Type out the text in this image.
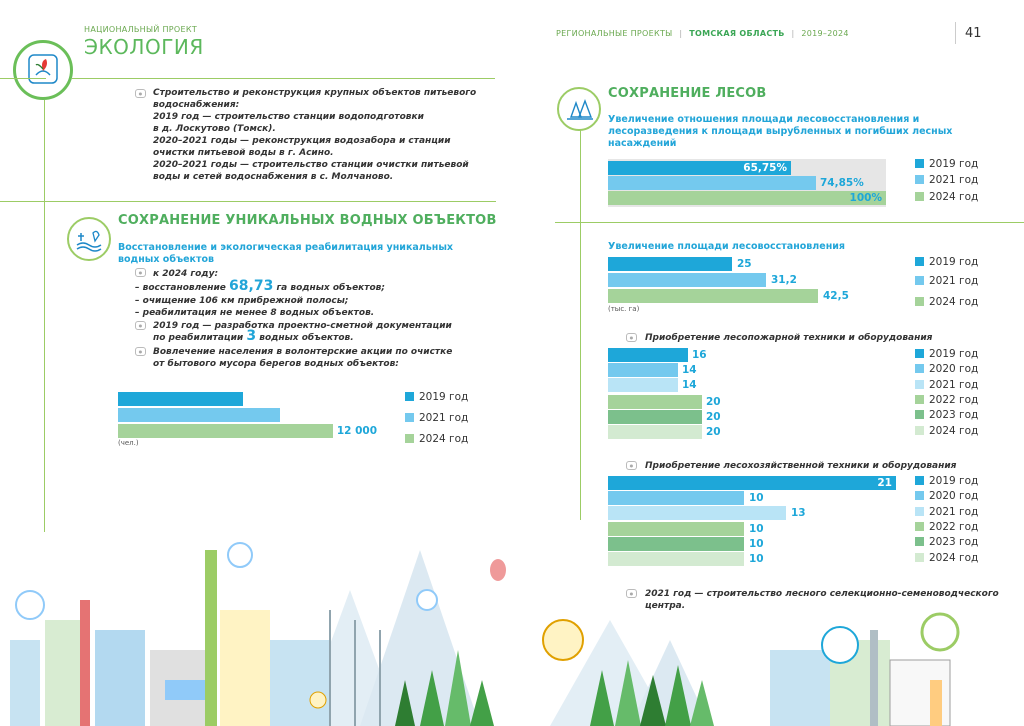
НАЦИОНАЛЬНЫЙ ПРОЕКТ
ЭКОЛОГИЯ
РЕГИОНАЛЬНЫЕ ПРОЕКТЫ | ТОМСКАЯ ОБЛАСТЬ | 2019–2024	41
●	Строительство и реконструкция крупных объектов питьевого
водоснабжения:
2019 год — строительство станции водоподготовки
в д. Лоскутово (Томск).
2020–2021 годы — реконструкция водозабора и станции
очистки питьевой воды в г. Асино.
2020–2021 годы — строительство станции очистки питьевой
воды и сетей водоснабжения в с. Молчаново.
СОХРАНЕНИЕ УНИКАЛЬНЫХ ВОДНЫХ ОБЪЕКТОВ
Восстановление и экологическая реабилитация уникальных
водных объектов
●	к 2024 году:
– восстановление 68,73 га водных объектов;
– очищение 106 км прибрежной полосы;
– реабилитация не менее 8 водных объектов.
●	2019 год — разработка проектно-сметной документации
по реабилитации 3 водных объектов.
●	Вовлечение населения в волонтерские акции по очистке
от бытового мусора берегов водных объектов:
4 400
9 000
12 000
(чел.)
2019 год
2021 год
2024 год
СОХРАНЕНИЕ ЛЕСОВ
Увеличение отношения площади лесовосстановления и
лесоразведения к площади вырубленных и погибших лесных
насаждений
65,75%
74,85%
100%
2019 год
2021 год
2024 год
Увеличение площади лесовосстановления
25
31,2
42,5
(тыс. га)
2019 год
2021 год
2024 год
●	Приобретение лесопожарной техники и оборудования
16
14
14
20
20
20
2019 год
2020 год
2021 год
2022 год
2023 год
2024 год
●	Приобретение лесохозяйственной техники и оборудования
21
10
13
10
10
10
2019 год
2020 год
2021 год
2022 год
2023 год
2024 год
●	2021 год — строительство лесного селекционно-семеноводческого
центра.
